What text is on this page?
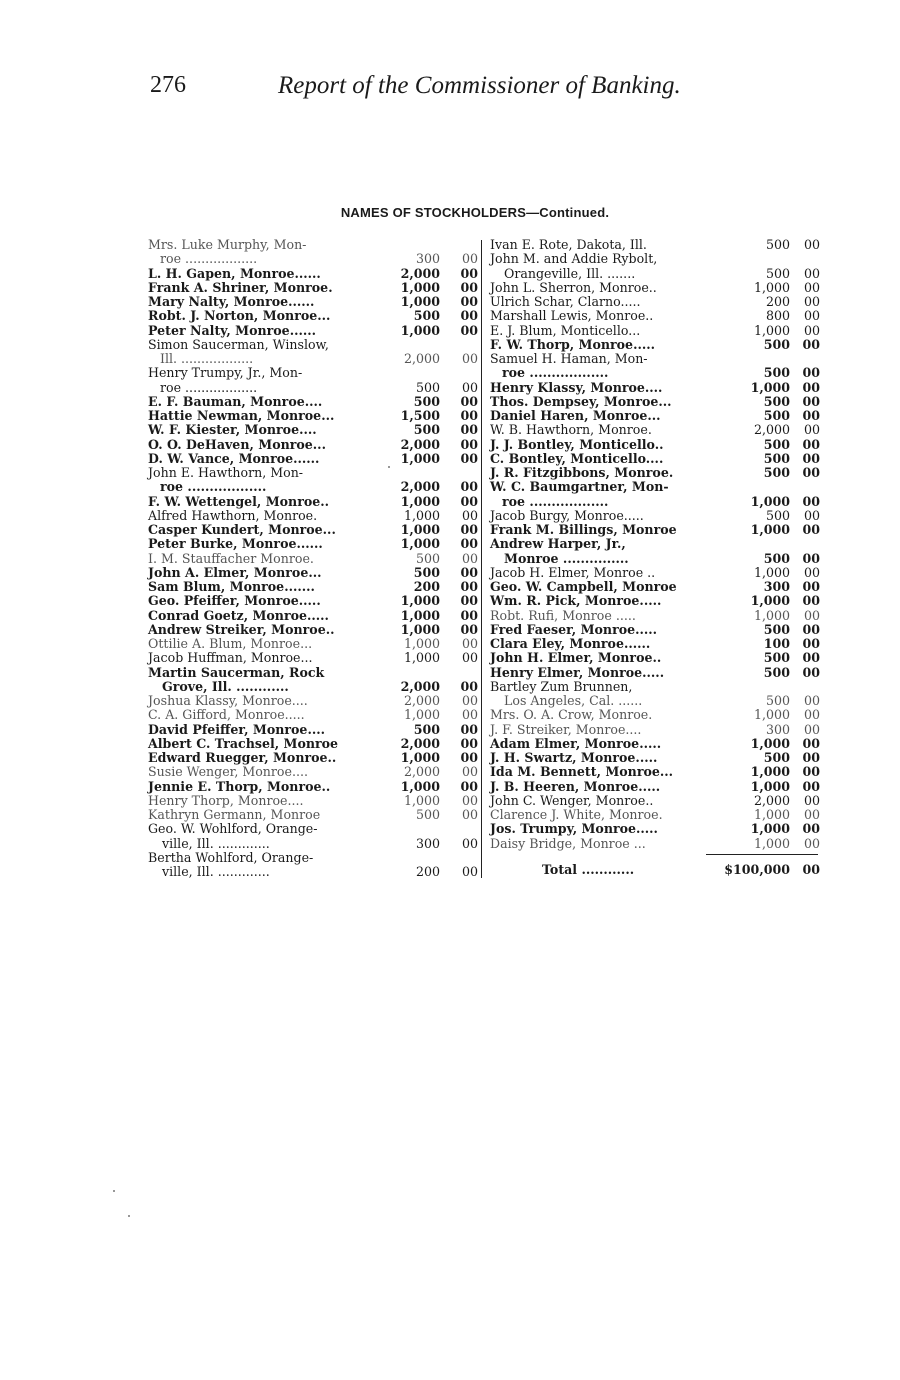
276	Report of the Commissioner of Banking.
NAMES OF STOCKHOLDERS—Continued.
Mrs. Luke Murphy, Mon-
roe ..................	300	00
L. H. Gapen, Monroe......	2,000	00
Frank A. Shriner, Monroe.	1,000	00
Mary Nalty, Monroe......	1,000	00
Robt. J. Norton, Monroe...	500	00
Peter Nalty, Monroe......	1,000	00
Simon Saucerman, Winslow,
Ill. ..................	2,000	00
Henry Trumpy, Jr., Mon-
roe ..................	500	00
E. F. Bauman, Monroe....	500	00
Hattie Newman, Monroe...	1,500	00
W. F. Kiester, Monroe....	500	00
O. O. DeHaven, Monroe...	2,000	00
D. W. Vance, Monroe......	1,000	00
John E. Hawthorn, Mon-
roe ..................	2,000	00
F. W. Wettengel, Monroe..	1,000	00
Alfred Hawthorn, Monroe.	1,000	00
Casper Kundert, Monroe...	1,000	00
Peter Burke, Monroe......	1,000	00
I. M. Stauffacher Monroe.	500	00
John A. Elmer, Monroe...	500	00
Sam Blum, Monroe.......	200	00
Geo. Pfeiffer, Monroe.....	1,000	00
Conrad Goetz, Monroe.....	1,000	00
Andrew Streiker, Monroe..	1,000	00
Ottilie A. Blum, Monroe...	1,000	00
Jacob Huffman, Monroe...	1,000	00
Martin Saucerman, Rock
Grove, Ill. ............	2,000	00
Joshua Klassy, Monroe....	2,000	00
C. A. Gifford, Monroe.....	1,000	00
David Pfeiffer, Monroe....	500	00
Albert C. Trachsel, Monroe	2,000	00
Edward Ruegger, Monroe..	1,000	00
Susie Wenger, Monroe....	2,000	00
Jennie E. Thorp, Monroe..	1,000	00
Henry Thorp, Monroe....	1,000	00
Kathryn Germann, Monroe	500	00
Geo. W. Wohlford, Orange-
ville, Ill. .............	300	00
Bertha Wohlford, Orange-
ville, Ill. .............	200	00
Ivan E. Rote, Dakota, Ill.	500	00
John M. and Addie Rybolt,
Orangeville, Ill. .......	500	00
John L. Sherron, Monroe..	1,000	00
Ulrich Schar, Clarno.....	200	00
Marshall Lewis, Monroe..	800	00
E. J. Blum, Monticello...	1,000	00
F. W. Thorp, Monroe.....	500 00
Samuel H. Haman, Mon-
roe ..................	500 00
Henry Klassy, Monroe....	1,000 00
Thos. Dempsey, Monroe...	500 00
Daniel Haren, Monroe...	500 00
W. B. Hawthorn, Monroe.	2,000	00
J. J. Bontley, Monticello..	500 00
C. Bontley, Monticello....	500 00
J. R. Fitzgibbons, Monroe.	500 00
W. C. Baumgartner, Mon-
roe ..................	1,000 00
Jacob Burgy, Monroe.....	500	00
Frank M. Billings, Monroe	1,000 00
Andrew Harper, Jr.,
Monroe ...............	500 00
Jacob H. Elmer, Monroe ..	1,000	00
Geo. W. Campbell, Monroe	300 00
Wm. R. Pick, Monroe.....	1,000 00
Robt. Rufi, Monroe .....	1,000	00
Fred Faeser, Monroe.....	500 00
Clara Eley, Monroe......	100 00
John H. Elmer, Monroe..	500 00
Henry Elmer, Monroe.....	500 00
Bartley Zum Brunnen,
Los Angeles, Cal. ......	500	00
Mrs. O. A. Crow, Monroe.	1,000	00
J. F. Streiker, Monroe....	300	00
Adam Elmer, Monroe.....	1,000 00
J. H. Swartz, Monroe.....	500 00
Ida M. Bennett, Monroe...	1,000 00
J. B. Heeren, Monroe.....	1,000 00
John C. Wenger, Monroe..	2,000	00
Clarence J. White, Monroe.	1,000	00
Jos. Trumpy, Monroe.....	1,000 00
Daisy Bridge, Monroe ...	1,000	00
Total ............	$100,000 00
